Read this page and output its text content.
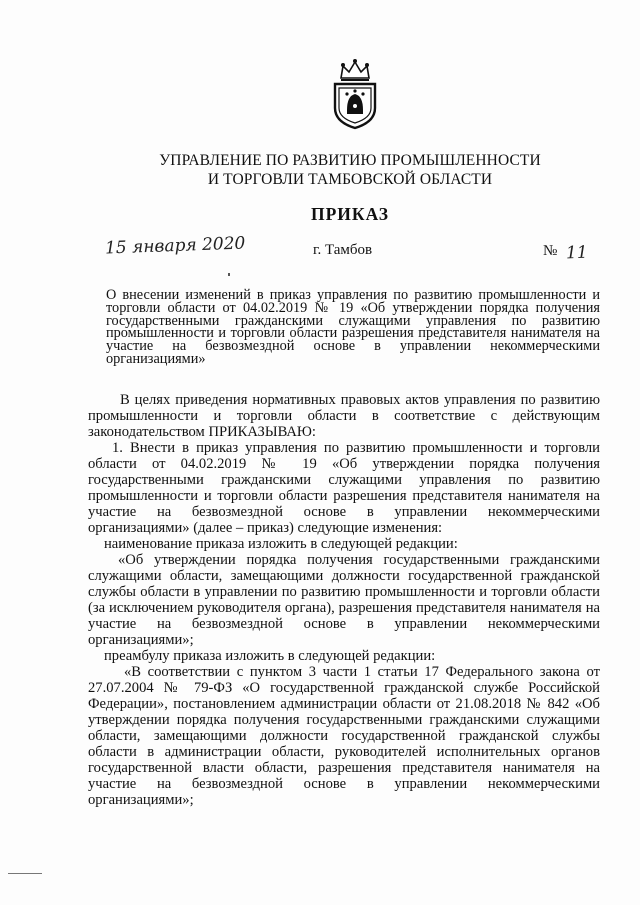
УПРАВЛЕНИЕ ПО РАЗВИТИЮ ПРОМЫШЛЕННОСТИ
И ТОРГОВЛИ ТАМБОВСКОЙ ОБЛАСТИ
ПРИКАЗ
15 января 2020	г. Тамбов	№ 11
О внесении изменений в приказ управления по развитию промышленности и торговли области от 04.02.2019 № 19 «Об утверждении порядка получения государственными гражданскими служащими управления по развитию промышленности и торговли области разрешения представителя нанимателя на участие на безвозмездной основе в управлении некоммерческими организациями»

В целях приведения нормативных правовых актов управления по развитию промышленности и торговли области в соответствие с действующим законодательством ПРИКАЗЫВАЮ:

1. Внести в приказ управления по развитию промышленности и торговли области от 04.02.2019 № 19 «Об утверждении порядка получения государственными гражданскими служащими управления по развитию промышленности и торговли области разрешения представителя нанимателя на участие на безвозмездной основе в управлении некоммерческими организациями» (далее – приказ) следующие изменения:

наименование приказа изложить в следующей редакции:

«Об утверждении порядка получения государственными гражданскими служащими области, замещающими должности государственной гражданской службы области в управлении по развитию промышленности и торговли области (за исключением руководителя органа), разрешения представителя нанимателя на участие на безвозмездной основе в управлении некоммерческими организациями»;

преамбулу приказа изложить в следующей редакции:

«В соответствии с пунктом 3 части 1 статьи 17 Федерального закона от 27.07.2004 № 79-ФЗ «О государственной гражданской службе Российской Федерации», постановлением администрации области от 21.08.2018 № 842 «Об утверждении порядка получения государственными гражданскими служащими области, замещающими должности государственной гражданской службы области в администрации области, руководителей исполнительных органов государственной власти области, разрешения представителя нанимателя на участие на безвозмездной основе в управлении некоммерческими организациями»;
